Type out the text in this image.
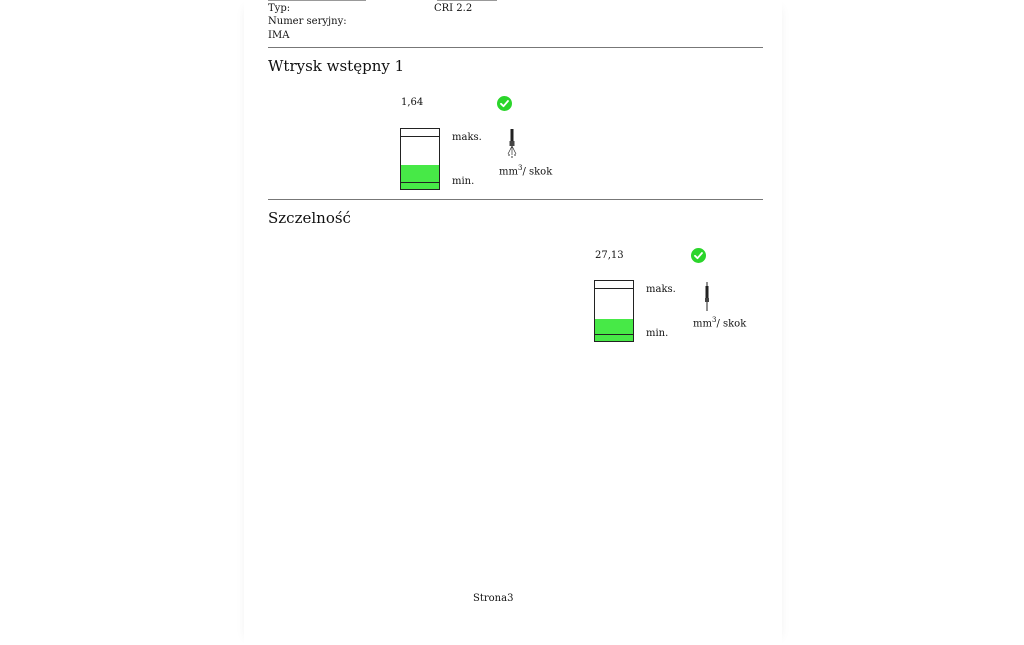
Typ:	CRI 2.2
Numer seryjny:
IMA
Wtrysk wstępny 1
1,64
maks.
min.
$mm^3/$ skok
Szczelność
27,13
maks.
min.
$mm^3/$ skok
Strona3
